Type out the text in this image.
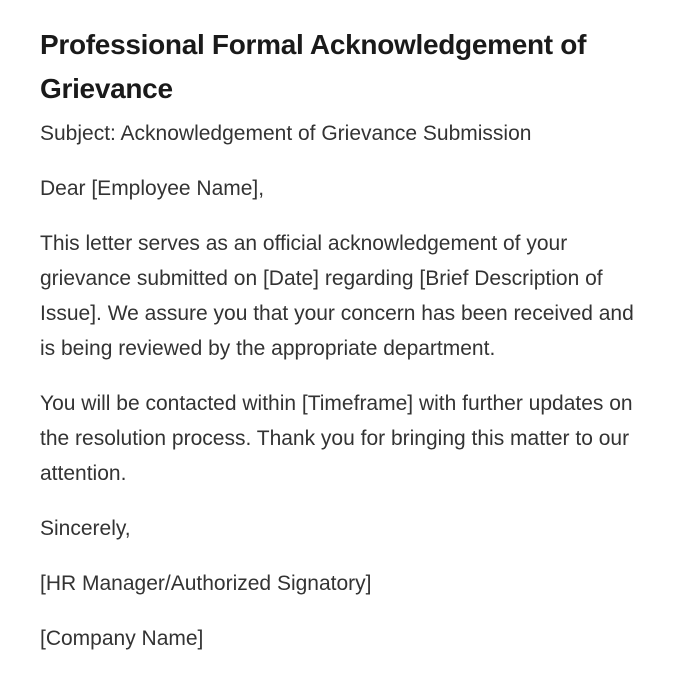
Professional Formal Acknowledgement of Grievance

Subject: Acknowledgement of Grievance Submission

Dear [Employee Name],

This letter serves as an official acknowledgement of your grievance submitted on [Date] regarding [Brief Description of Issue]. We assure you that your concern has been received and is being reviewed by the appropriate department.

You will be contacted within [Timeframe] with further updates on the resolution process. Thank you for bringing this matter to our attention.

Sincerely,

[HR Manager/Authorized Signatory]

[Company Name]
